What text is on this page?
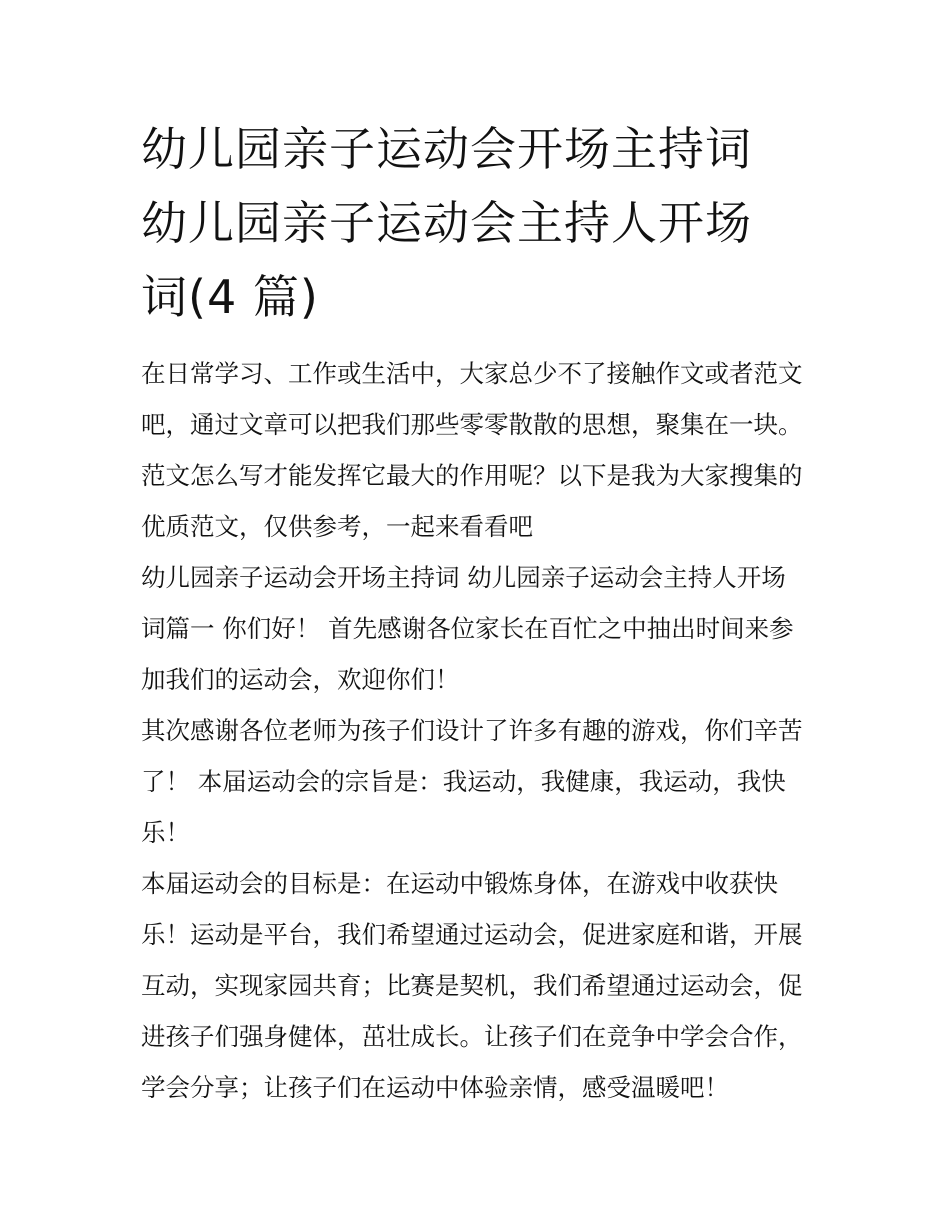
幼儿园亲子运动会开场主持词
幼儿园亲子运动会主持人开场
词(4 篇)

在日常学习、工作或生活中，大家总少不了接触作文或者范文
吧，通过文章可以把我们那些零零散散的思想，聚集在一块。
范文怎么写才能发挥它最大的作用呢？以下是我为大家搜集的
优质范文，仅供参考，一起来看看吧

幼儿园亲子运动会开场主持词 幼儿园亲子运动会主持人开场
词篇一 你们好！ 首先感谢各位家长在百忙之中抽出时间来参
加我们的运动会，欢迎你们！

其次感谢各位老师为孩子们设计了许多有趣的游戏，你们辛苦
了！ 本届运动会的宗旨是：我运动，我健康，我运动，我快
乐！

本届运动会的目标是：在运动中锻炼身体，在游戏中收获快
乐！运动是平台，我们希望通过运动会，促进家庭和谐，开展
互动，实现家园共育；比赛是契机，我们希望通过运动会，促
进孩子们强身健体，茁壮成长。让孩子们在竞争中学会合作，
学会分享；让孩子们在运动中体验亲情，感受温暖吧！
